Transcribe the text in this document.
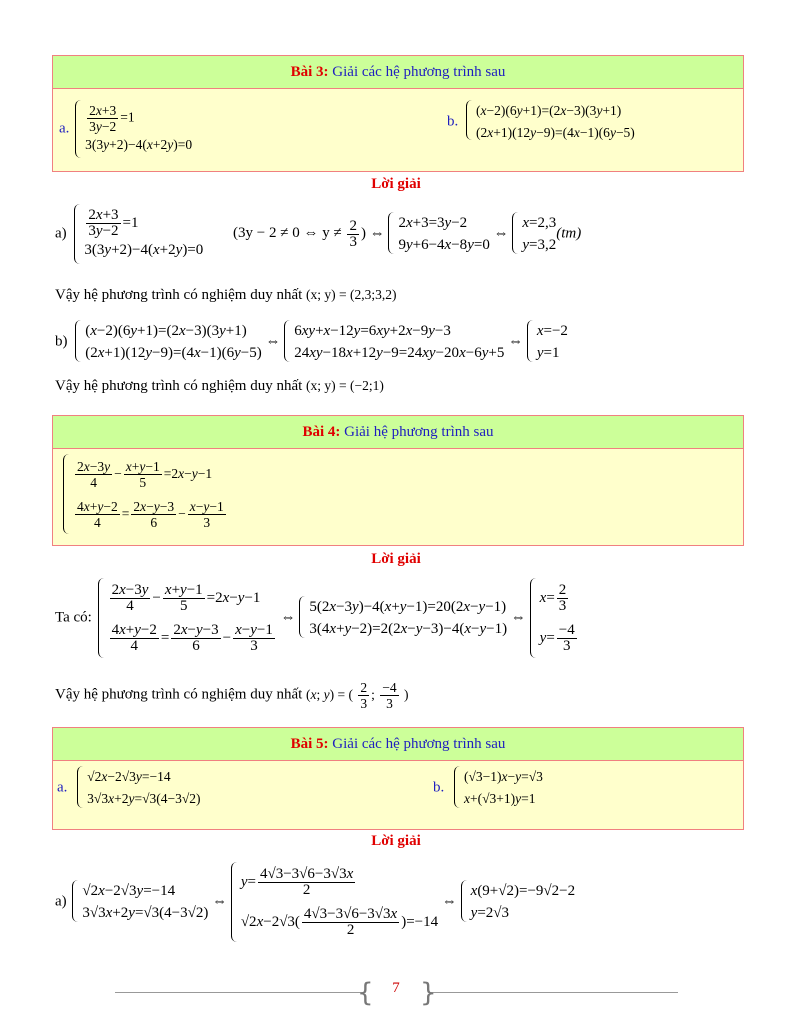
Bài 3: Giải các hệ phương trình sau
a. $\frac{2x+3}{3y-2} =1$
3(3y+2)−4(x+2y)=0
b.
(x−2)(6y+1)=(2x−3)(3y+1)
(2x+1)(12y−9)=(4x−1)(6y−5)
Lời giải
$a) \frac{2x+3}{3y-2} =1$
3(3y+2)−4(x+2y)=0
(3y − 2 ≠ 0 ⇔ $y \ne \frac{2}{3}$ ) ⇔
2x+3=3y−2
9y+6−4x−8y=0
⇔
x=2,3
y=3,2
(tm)
Vậy hệ phương trình có nghiệm duy nhất (x; y) = (2,3;3,2)
b)
(x−2)(6y+1)=(2x−3)(3y+1)
(2x+1)(12y−9)=(4x−1)(6y−5)
⇔
6xy+x−12y=6xy+2x−9y−3
24xy−18x+12y−9=24xy−20x−6y+5
⇔
x=−2
y=1
Vậy hệ phương trình có nghiệm duy nhất (x; y) = (−2;1)
Bài 4: Giải hệ phương trình sau
$\frac{2x-3y}{4} - \frac{x+y-1}{5} =2x-y-1$
$\frac{4x+y-2}{4} = \frac{2x-y-3}{6} - \frac{x-y-1}{3}$
Lời giải
Ta có:
$\frac{2x-3y}{4} - \frac{x+y-1}{5} =2x-y-1$
$\frac{4x+y-2}{4} = \frac{2x-y-3}{6} - \frac{x-y-1}{3}$
⇔
5(2x−3y)−4(x+y−1)=20(2x−y−1)
3(4x+y−2)=2(2x−y−3)−4(x−y−1)
⇔
$x= \frac{2}{3}$
$y= \frac{-4}{3}$
Vậy hệ phương trình có nghiệm duy nhất (x; y) = ( $\frac{2}{3}$ ; $\frac{-4}{3}$ )
Bài 5: Giải các hệ phương trình sau
a.
√2x−2√3y=−14
3√3x+2y=√3(4−3√2)
b.
(√3−1)x−y=√3
x+(√3+1)y=1
Lời giải
a)
√2x−2√3y=−14
3√3x+2y=√3(4−3√2)
⇔
$y= \frac{4√3-3√6-3√3x}{2}$
$√2x-2√3( \frac{4√3-3√6-3√3x}{2} )=-14$
⇔
x(9+√2)=−9√2−2
y=2√3
{ }
7
